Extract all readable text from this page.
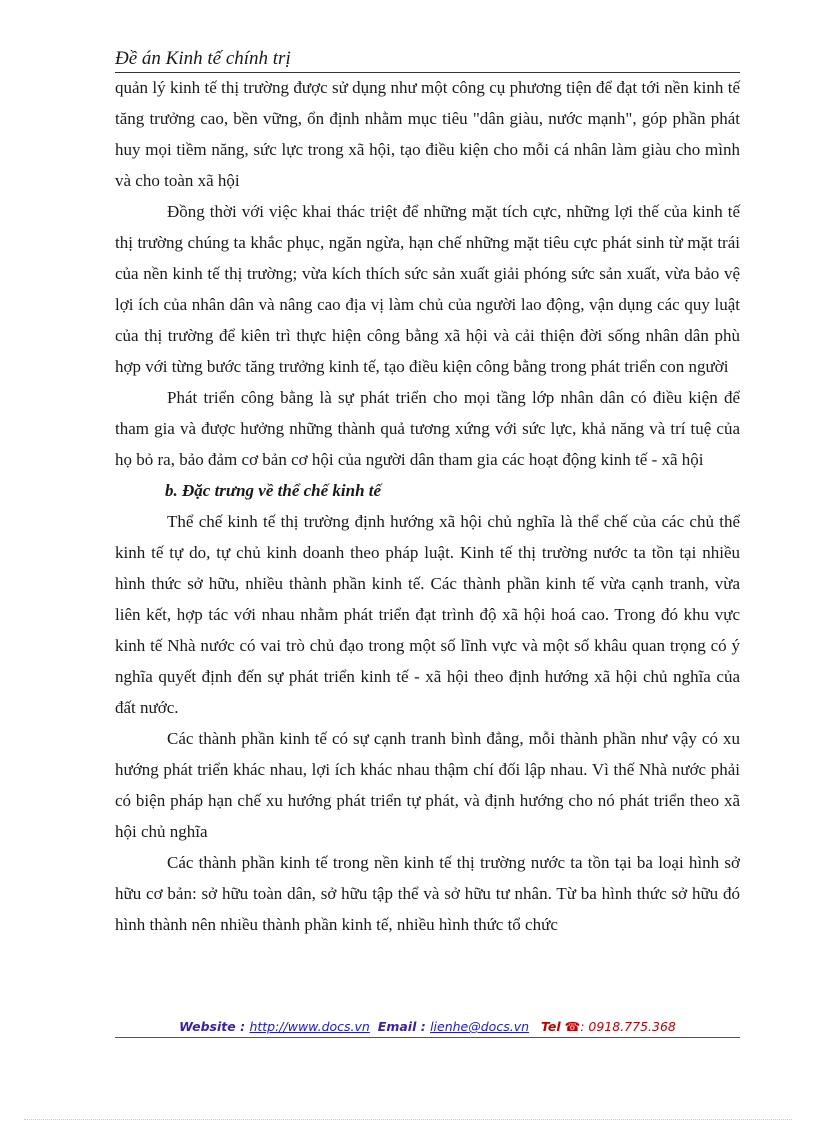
Đề án Kinh tế chính trị

quản lý kinh tế thị trường được sử dụng như một công cụ phương tiện để đạt tới nền kinh tế tăng trưởng cao, bền vững, ổn định nhằm mục tiêu "dân giàu, nước mạnh", góp phần phát huy mọi tiềm năng, sức lực trong xã hội, tạo điều kiện cho mỗi cá nhân làm giàu cho mình và cho toàn xã hội

Đồng thời với việc khai thác triệt để những mặt tích cực, những lợi thế của kinh tế thị trường chúng ta khắc phục, ngăn ngừa, hạn chế những mặt tiêu cực phát sinh từ mặt trái của nền kinh tế thị trường; vừa kích thích sức sản xuất giải phóng sức sản xuất, vừa bảo vệ lợi ích của nhân dân và nâng cao địa vị làm chủ của người lao động, vận dụng các quy luật của thị trường để kiên trì thực hiện công bằng xã hội và cải thiện đời sống nhân dân phù hợp với từng bước tăng trưởng kinh tế, tạo điều kiện công bằng trong phát triển con người

Phát triển công bằng là sự phát triển cho mọi tầng lớp nhân dân có điều kiện để tham gia và được hưởng những thành quả tương xứng với sức lực, khả năng và trí tuệ của họ bỏ ra, bảo đảm cơ bản cơ hội của người dân tham gia các hoạt động kinh tế - xã hội

b. Đặc trưng về thể chế kinh tế

Thể chế kinh tế thị trường định hướng xã hội chủ nghĩa là thể chế của các chủ thể kinh tế tự do, tự chủ kinh doanh theo pháp luật. Kinh tế thị trường nước ta tồn tại nhiều hình thức sở hữu, nhiều thành phần kinh tế. Các thành phần kinh tế vừa cạnh tranh, vừa liên kết, hợp tác với nhau nhằm phát triển đạt trình độ xã hội hoá cao. Trong đó khu vực kinh tế Nhà nước có vai trò chủ đạo trong một số lĩnh vực và một số khâu quan trọng có ý nghĩa quyết định đến sự phát triển kinh tế - xã hội theo định hướng xã hội chủ nghĩa của đất nước.

Các thành phần kinh tế có sự cạnh tranh bình đẳng, mỗi thành phần như vậy có xu hướng phát triển khác nhau, lợi ích khác nhau thậm chí đối lập nhau. Vì thế Nhà nước phải có biện pháp hạn chế xu hướng phát triển tự phát, và định hướng cho nó phát triển theo xã hội chủ nghĩa

Các thành phần kinh tế trong nền kinh tế thị trường nước ta tồn tại ba loại hình sở hữu cơ bản: sở hữu toàn dân, sở hữu tập thể và sở hữu tư nhân. Từ ba hình thức sở hữu đó hình thành nên nhiều thành phần kinh tế, nhiều hình thức tổ chức

Website : http://www.docs.vn Email : lienhe@docs.vn Tel ☎: 0918.775.368
